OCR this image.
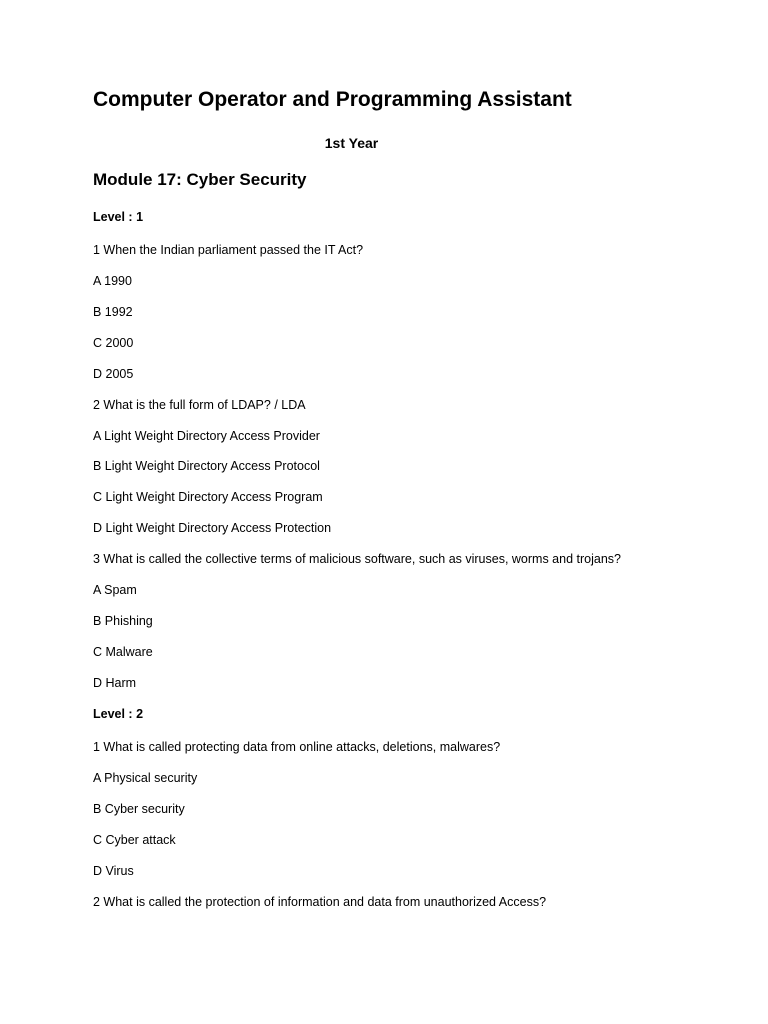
Computer Operator and Programming Assistant
1st Year
Module 17: Cyber Security
Level : 1
1 When the Indian parliament passed the IT Act?
A 1990
B 1992
C 2000
D 2005
2 What is the full form of LDAP? / LDA
A Light Weight Directory Access Provider
B Light Weight Directory Access Protocol
C Light Weight Directory Access Program
D Light Weight Directory Access Protection
3 What is called the collective terms of malicious software, such as viruses, worms and trojans?
A Spam
B Phishing
C Malware
D Harm
Level : 2
1 What is called protecting data from online attacks, deletions, malwares?
A Physical security
B Cyber security
C Cyber attack
D Virus
2 What is called the protection of information and data from unauthorized Access?
